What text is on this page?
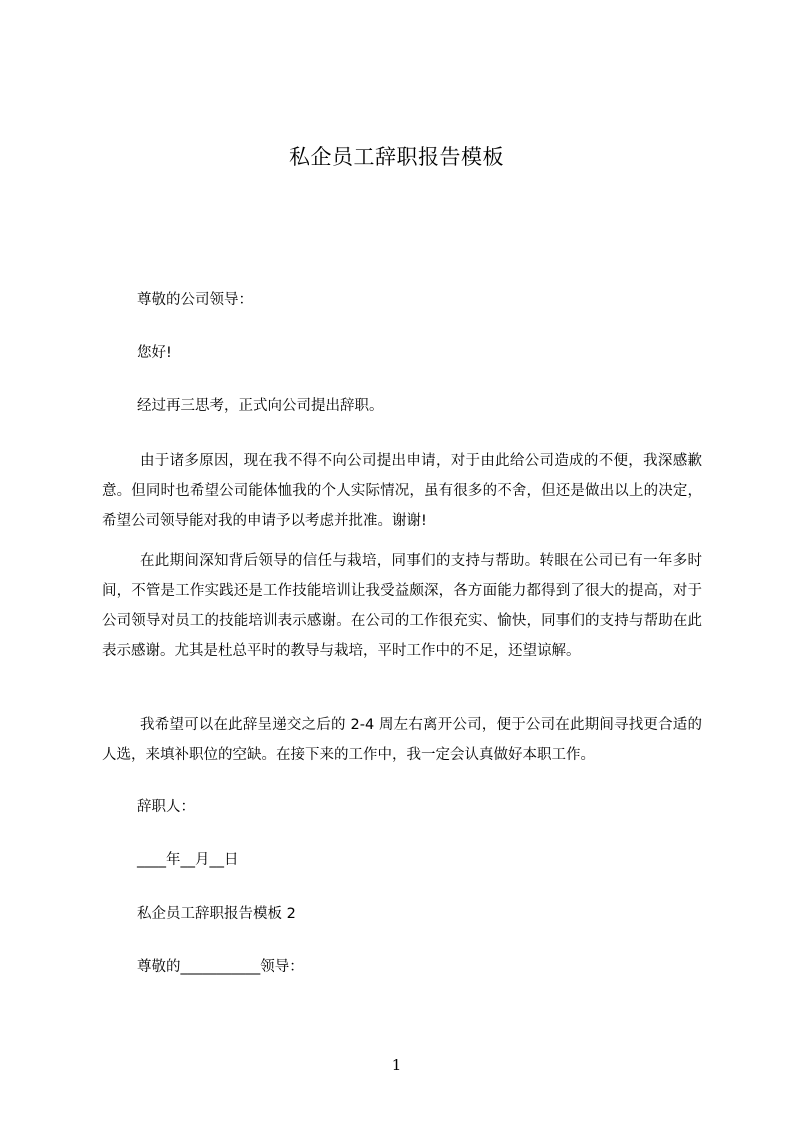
私企员工辞职报告模板
尊敬的公司领导：
您好!
经过再三思考，正式向公司提出辞职。
由于诸多原因，现在我不得不向公司提出申请，对于由此给公司造成的不便，我深感歉意。但同时也希望公司能体恤我的个人实际情况，虽有很多的不舍，但还是做出以上的决定，希望公司领导能对我的申请予以考虑并批准。谢谢!
在此期间深知背后领导的信任与栽培，同事们的支持与帮助。转眼在公司已有一年多时间，不管是工作实践还是工作技能培训让我受益颇深，各方面能力都得到了很大的提高，对于公司领导对员工的技能培训表示感谢。在公司的工作很充实、愉快，同事们的支持与帮助在此表示感谢。尤其是杜总平时的教导与栽培，平时工作中的不足，还望谅解。
我希望可以在此辞呈递交之后的 2-4 周左右离开公司，便于公司在此期间寻找更合适的人选，来填补职位的空缺。在接下来的工作中，我一定会认真做好本职工作。
辞职人：
____年__月__日
私企员工辞职报告模板 2
尊敬的___________领导：
1
